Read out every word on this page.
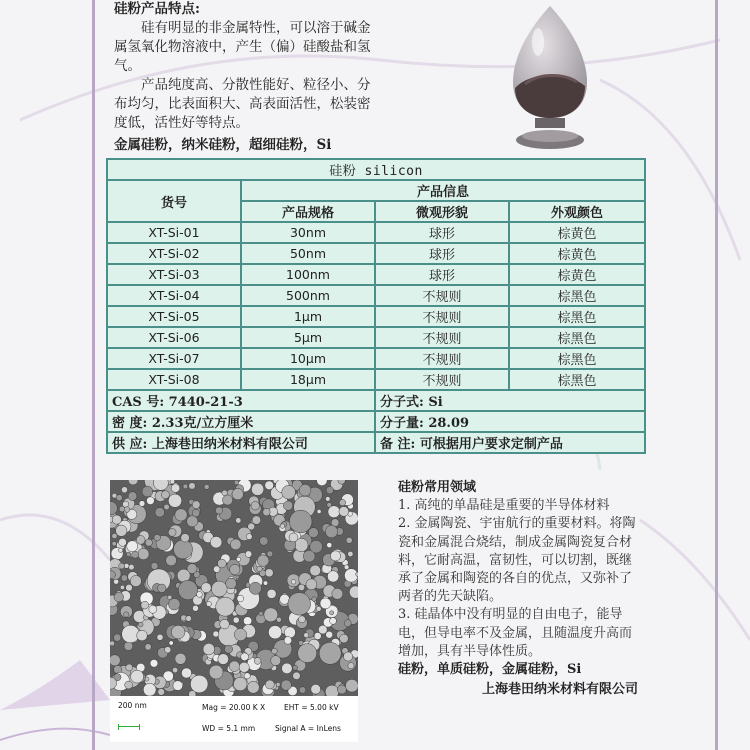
硅粉产品特点:

硅有明显的非金属特性，可以溶于碱金属氢氧化物溶液中，产生（偏）硅酸盐和氢气。

产品纯度高、分散性能好、粒径小、分布均匀，比表面积大、高表面活性，松装密度低，活性好等特点。

金属硅粉，纳米硅粉，超细硅粉，Si

硅粉 silicon			
货号	产品信息		
	产品规格	微观形貌	外观颜色
XT-Si-01	30nm	球形	棕黄色
XT-Si-02	50nm	球形	棕黄色
XT-Si-03	100nm	球形	棕黄色
XT-Si-04	500nm	不规则	棕黑色
XT-Si-05	1μm	不规则	棕黑色
XT-Si-06	5μm	不规则	棕黑色
XT-Si-07	10μm	不规则	棕黑色
XT-Si-08	18μm	不规则	棕黑色
CAS 号: 7440-21-3		分子式: Si	
密 度: 2.33克/立方厘米		分子量: 28.09	
供 应: 上海巷田纳米材料有限公司		备 注: 可根据用户要求定制产品	
200 nm	Mag = 20.00 K X	EHT = 5.00 kV
WD = 5.1 mm	Signal A = InLens

硅粉常用领域

1. 高纯的单晶硅是重要的半导体材料

2. 金属陶瓷、宇宙航行的重要材料。将陶瓷和金属混合烧结，制成金属陶瓷复合材料，它耐高温，富韧性，可以切割，既继承了金属和陶瓷的各自的优点，又弥补了两者的先天缺陷。

3. 硅晶体中没有明显的自由电子，能导电，但导电率不及金属，且随温度升高而增加，具有半导体性质。

硅粉，单质硅粉，金属硅粉，Si

上海巷田纳米材料有限公司
